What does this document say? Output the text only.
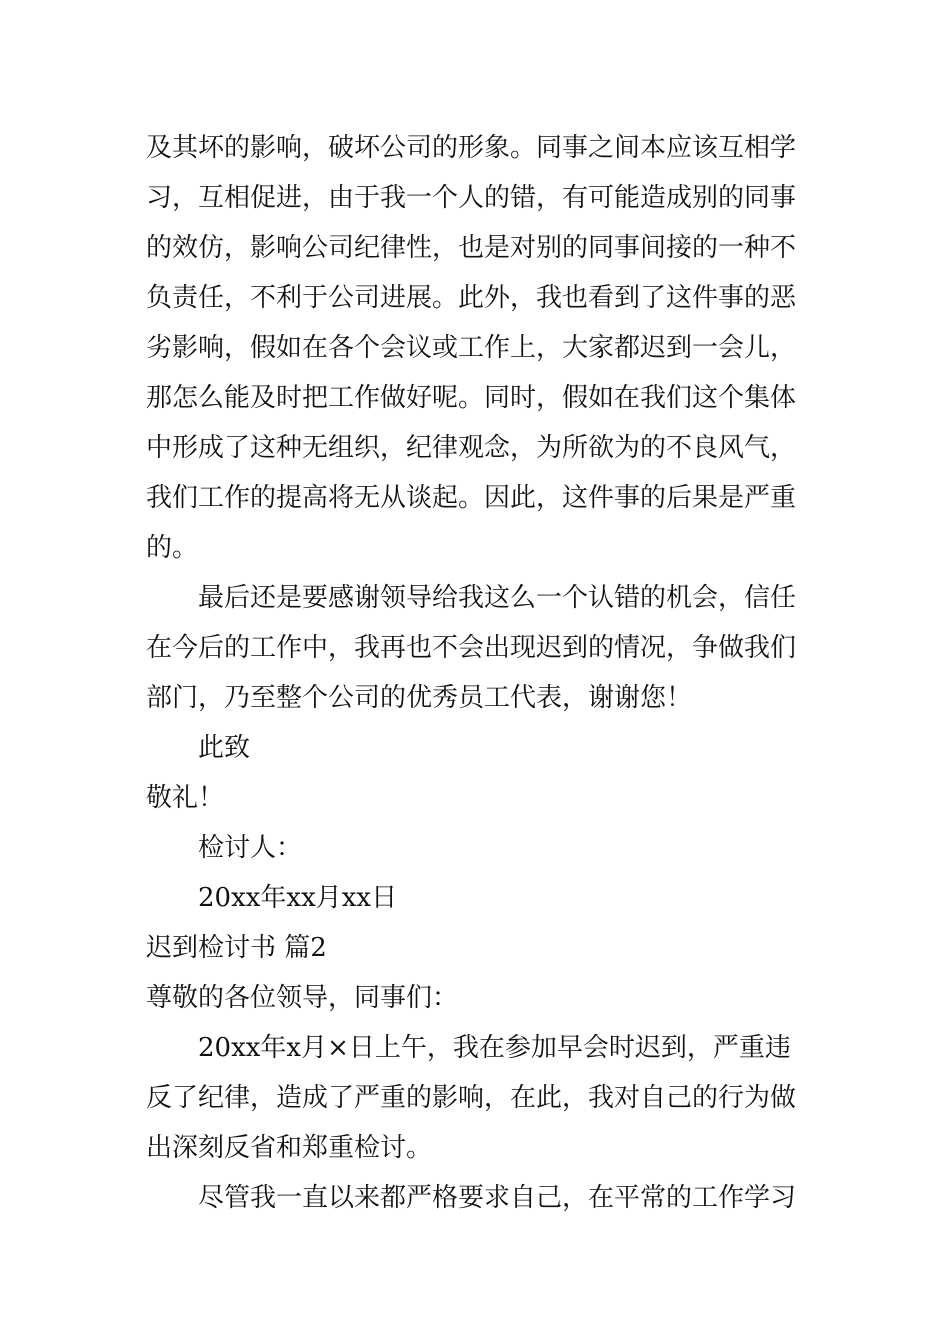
及其坏的影响，破坏公司的形象。同事之间本应该互相学

习，互相促进，由于我一个人的错，有可能造成别的同事

的效仿，影响公司纪律性，也是对别的同事间接的一种不

负责任，不利于公司进展。此外，我也看到了这件事的恶

劣影响，假如在各个会议或工作上，大家都迟到一会儿，

那怎么能及时把工作做好呢。同时，假如在我们这个集体

中形成了这种无组织，纪律观念，为所欲为的不良风气，

我们工作的提高将无从谈起。因此，这件事的后果是严重

的。

最后还是要感谢领导给我这么一个认错的机会，信任

在今后的工作中，我再也不会出现迟到的情况，争做我们

部门，乃至整个公司的优秀员工代表，谢谢您！

此致

敬礼！

检讨人：

20xx年xx月xx日

迟到检讨书 篇2

尊敬的各位领导，同事们：

20xx年x月×日上午，我在参加早会时迟到，严重违

反了纪律，造成了严重的影响，在此，我对自己的行为做

出深刻反省和郑重检讨。

尽管我一直以来都严格要求自己，在平常的工作学习
